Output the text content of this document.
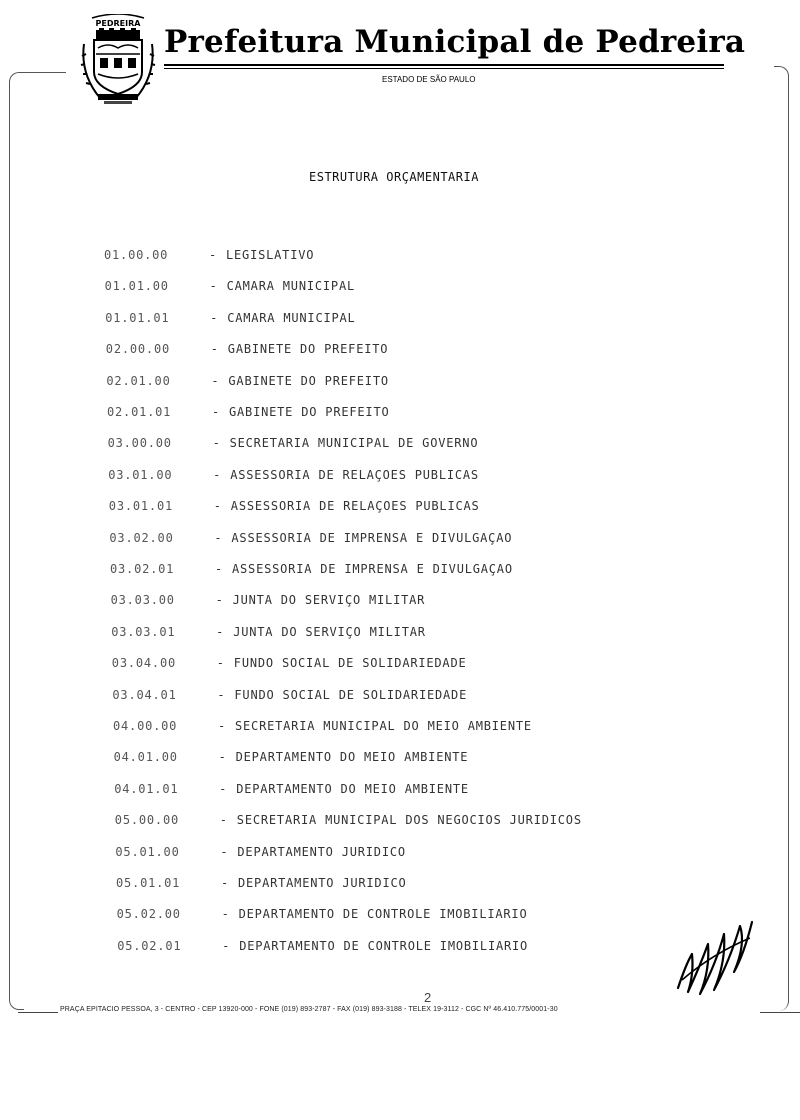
PEDREIRA
Prefeitura Municipal de Pedreira
ESTADO DE SÃO PAULO
ESTRUTURA ORÇAMENTARIA
01.00.00	- LEGISLATIVO
01.01.00	- CAMARA MUNICIPAL
01.01.01	- CAMARA MUNICIPAL
02.00.00	- GABINETE DO PREFEITO
02.01.00	- GABINETE DO PREFEITO
02.01.01	- GABINETE DO PREFEITO
03.00.00	- SECRETARIA MUNICIPAL DE GOVERNO
03.01.00	- ASSESSORIA DE RELAÇOES PUBLICAS
03.01.01	- ASSESSORIA DE RELAÇOES PUBLICAS
03.02.00	- ASSESSORIA DE IMPRENSA E DIVULGAÇAO
03.02.01	- ASSESSORIA DE IMPRENSA E DIVULGAÇAO
03.03.00	- JUNTA DO SERVIÇO MILITAR
03.03.01	- JUNTA DO SERVIÇO MILITAR
03.04.00	- FUNDO SOCIAL DE SOLIDARIEDADE
03.04.01	- FUNDO SOCIAL DE SOLIDARIEDADE
04.00.00	- SECRETARIA MUNICIPAL DO MEIO AMBIENTE
04.01.00	- DEPARTAMENTO DO MEIO AMBIENTE
04.01.01	- DEPARTAMENTO DO MEIO AMBIENTE
05.00.00	- SECRETARIA MUNICIPAL DOS NEGOCIOS JURIDICOS
05.01.00	- DEPARTAMENTO JURIDICO
05.01.01	- DEPARTAMENTO JURIDICO
05.02.00	- DEPARTAMENTO DE CONTROLE IMOBILIARIO
05.02.01	- DEPARTAMENTO DE CONTROLE IMOBILIARIO
2
PRAÇA EPITACIO PESSOA, 3 - CENTRO - CEP 13920-000 - FONE (019) 893-2787 - FAX (019) 893-3188 - TELEX 19-3112 - CGC Nº 46.410.775/0001-30
